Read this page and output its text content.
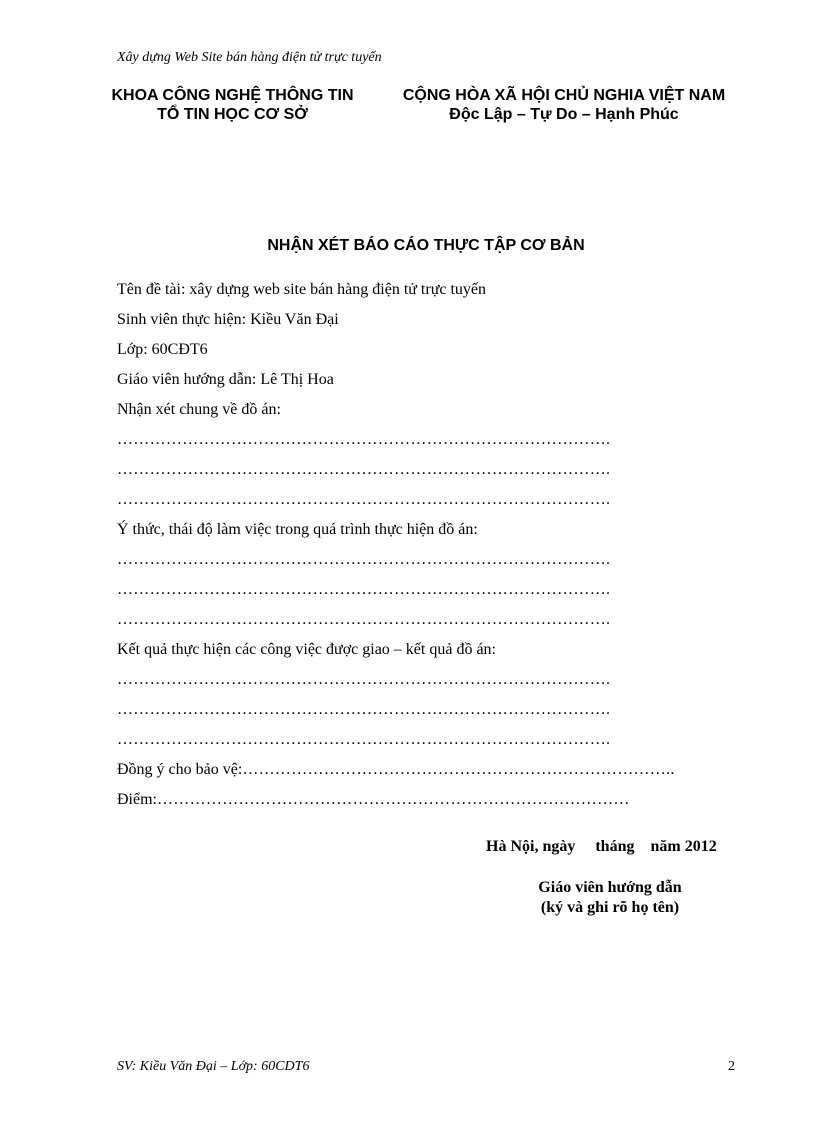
Xây dựng Web Site bán hàng điện tử trực tuyến
KHOA CÔNG NGHỆ THÔNG TIN
TỔ TIN HỌC CƠ SỞ
CỘNG HÒA XÃ HỘI CHỦ NGHIA VIỆT NAM
Độc Lập – Tự Do – Hạnh Phúc
NHẬN XÉT BÁO CÁO THỰC TẬP CƠ BẢN
Tên đề tài: xây dựng web site bán hàng điện tử trực tuyến
Sinh viên thực hiện: Kiều Văn Đại
Lớp: 60CĐT6
Giáo viên hướng dẫn: Lê Thị Hoa
Nhận xét chung về đồ án:
……………………………………………………………………………….
……………………………………………………………………………….
……………………………………………………………………………….
Ý thức, thái độ làm việc trong quá trình thực hiện đồ án:
……………………………………………………………………………….
……………………………………………………………………………….
……………………………………………………………………………….
Kết quả thực hiện các công việc được giao – kết quả đồ án:
……………………………………………………………………………….
……………………………………………………………………………….
……………………………………………………………………………….
Đồng ý cho bảo vệ:……………………………………………………………………..
Điểm:……………………………………………………………………………
Hà Nội, ngày     tháng    năm 2012
Giáo viên hướng dẫn
(ký và ghi rõ họ tên)
SV: Kiều Văn Đại – Lớp: 60CDT6	2
